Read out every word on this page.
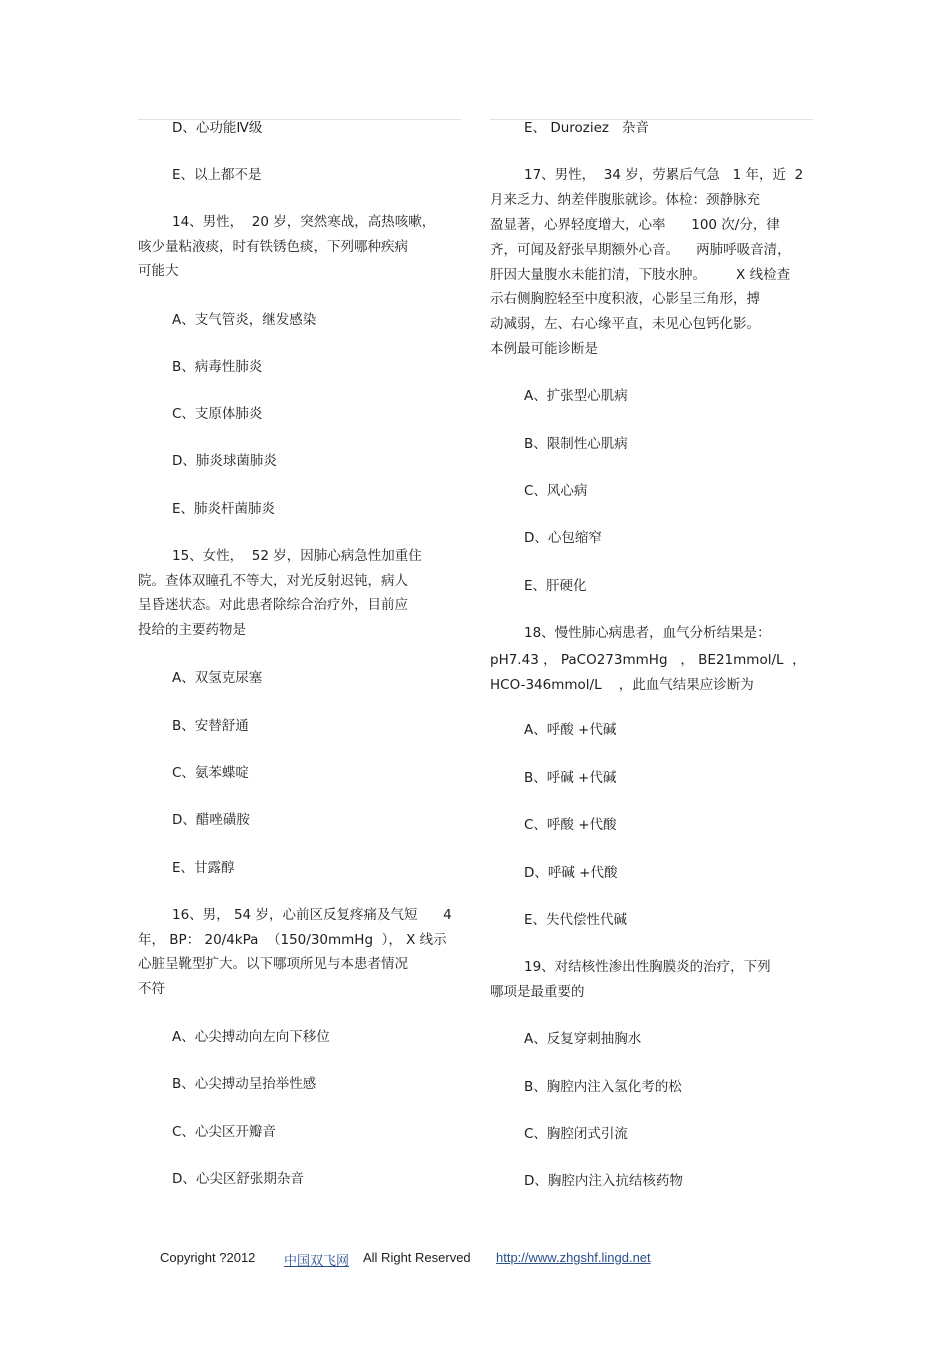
D、心功能Ⅳ级
E、以上都不是
14、男性，  20 岁，突然寒战，高热咳嗽，
咳少量粘液痰，时有铁锈色痰，下列哪种疾病
可能大
A、支气管炎，继发感染
B、病毒性肺炎
C、支原体肺炎
D、肺炎球菌肺炎
E、肺炎杆菌肺炎
15、女性，  52 岁，因肺心病急性加重住
院。查体双瞳孔不等大，对光反射迟钝，病人
呈昏迷状态。对此患者除综合治疗外，目前应
投给的主要药物是
A、双氢克尿塞
B、安替舒通
C、氨苯蝶啶
D、醋唑磺胺
E、甘露醇
16、男， 54 岁，心前区反复疼痛及气短      4
年， BP： 20/4kPa  （150/30mmHg  ）， X 线示
心脏呈靴型扩大。以下哪项所见与本患者情况
不符
A、心尖搏动向左向下移位
B、心尖搏动呈抬举性感
C、心尖区开瓣音
D、心尖区舒张期杂音
E、 Duroziez   杂音
17、男性，  34 岁，劳累后气急   1 年，近  2
月来乏力、纳差伴腹胀就诊。体检：颈静脉充
盈显著，心界轻度增大，心率      100 次/分，律
齐，可闻及舒张早期额外心音。    两肺呼吸音清，
肝因大量腹水未能扪清，下肢水肿。       X 线检查
示右侧胸腔轻至中度积液，心影呈三角形，搏
动减弱，左、右心缘平直，未见心包钙化影。
本例最可能诊断是
A、扩张型心肌病
B、限制性心肌病
C、风心病
D、心包缩窄
E、肝硬化
18、慢性肺心病患者，血气分析结果是：
pH7.43 ， PaCO273mmHg   ， BE21mmol/L  ，
HCO-346mmol/L    ，此血气结果应诊断为
A、呼酸 +代碱
B、呼碱 +代碱
C、呼酸 +代酸
D、呼碱 +代酸
E、失代偿性代碱
19、对结核性渗出性胸膜炎的治疗，下列
哪项是最重要的
A、反复穿刺抽胸水
B、胸腔内注入氢化考的松
C、胸腔闭式引流
D、胸腔内注入抗结核药物
Copyright ?2012 中国双飞网 All Right Reserved http://www.zhgshf.lingd.net
